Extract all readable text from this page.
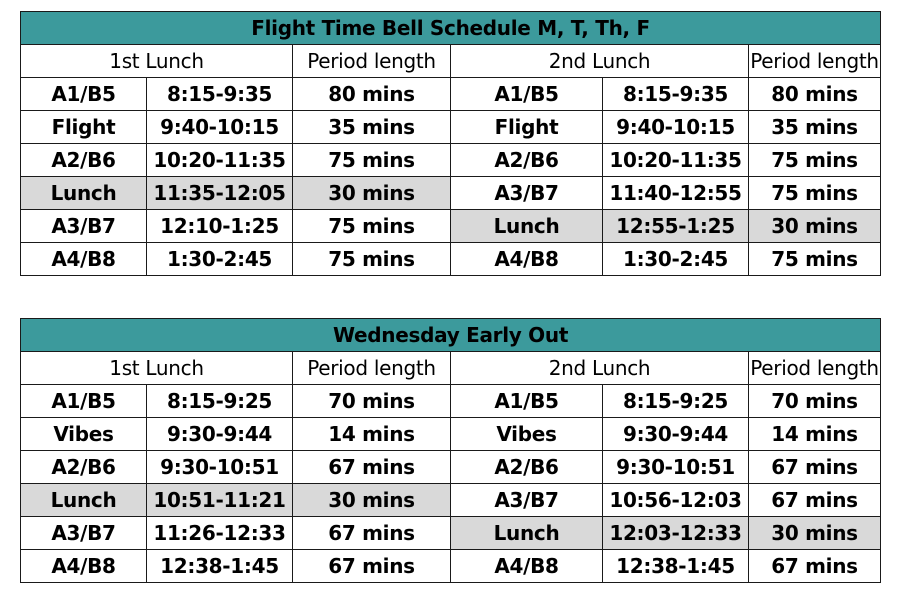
Flight Time Bell Schedule M, T, Th, F					
1st Lunch		Period length	2nd Lunch		Period length
A1/B5	8:15-9:35	80 mins	A1/B5	8:15-9:35	80 mins
Flight	9:40-10:15	35 mins	Flight	9:40-10:15	35 mins
A2/B6	10:20-11:35	75 mins	A2/B6	10:20-11:35	75 mins
Lunch	11:35-12:05	30 mins	A3/B7	11:40-12:55	75 mins
A3/B7	12:10-1:25	75 mins	Lunch	12:55-1:25	30 mins
A4/B8	1:30-2:45	75 mins	A4/B8	1:30-2:45	75 mins
Wednesday Early Out					
1st Lunch		Period length	2nd Lunch		Period length
A1/B5	8:15-9:25	70 mins	A1/B5	8:15-9:25	70 mins
Vibes	9:30-9:44	14 mins	Vibes	9:30-9:44	14 mins
A2/B6	9:30-10:51	67 mins	A2/B6	9:30-10:51	67 mins
Lunch	10:51-11:21	30 mins	A3/B7	10:56-12:03	67 mins
A3/B7	11:26-12:33	67 mins	Lunch	12:03-12:33	30 mins
A4/B8	12:38-1:45	67 mins	A4/B8	12:38-1:45	67 mins
